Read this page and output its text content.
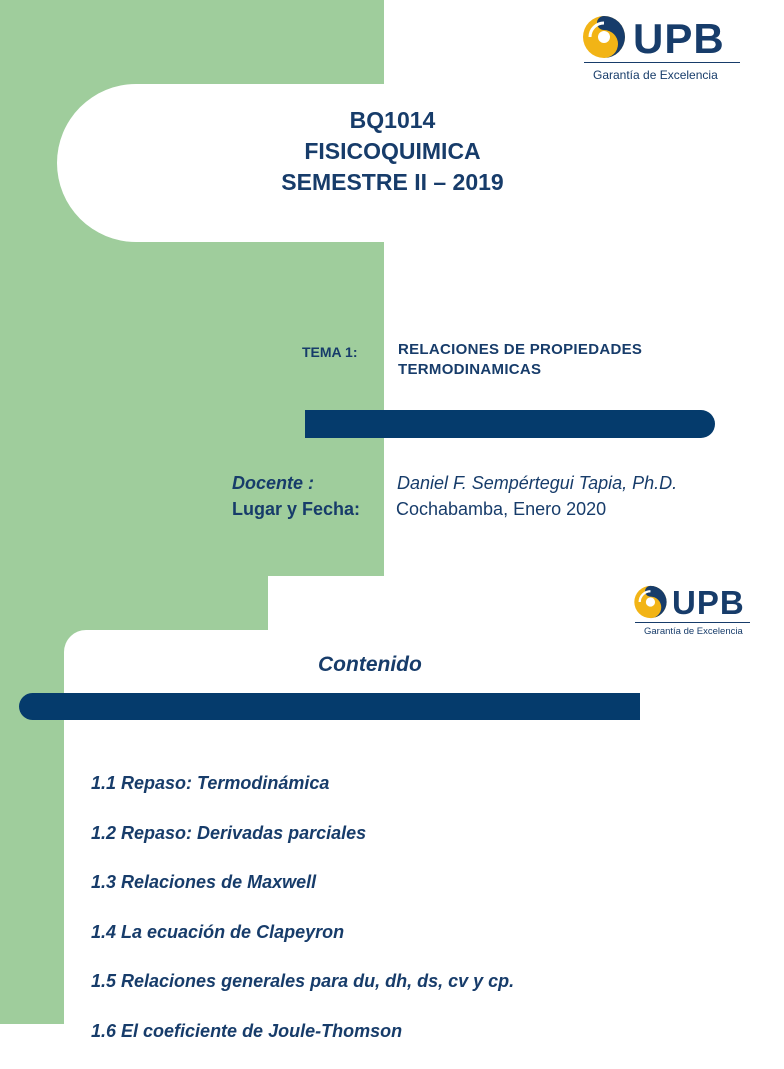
UPB
Garantía de Excelencia
BQ1014
FISICOQUIMICA
SEMESTRE II – 2019
TEMA 1:	RELACIONES DE PROPIEDADES
TERMODINAMICAS
Docente :
Lugar y Fecha:
Daniel F. Sempértegui Tapia, Ph.D.
Cochabamba, Enero 2020
UPB
Garantía de Excelencia
Contenido
1.1 Repaso: Termodinámica
1.2 Repaso: Derivadas parciales
1.3 Relaciones de Maxwell
1.4 La ecuación de Clapeyron
1.5 Relaciones generales para du, dh, ds, cv y cp.
1.6 El coeficiente de Joule-Thomson
